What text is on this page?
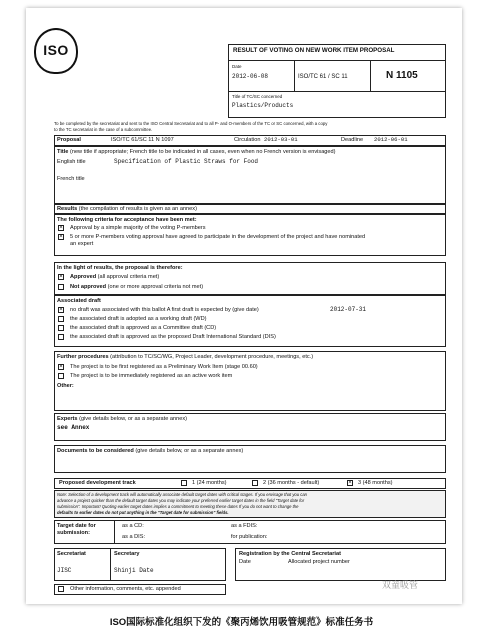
ISO	RESULT OF VOTING ON NEW WORK ITEM PROPOSAL
Date
2012-06-08	ISO/TC 61 / SC 11	N 1105
Title of TC/SC concerned
Plastics/Products
To be completed by the secretariat and sent to the ISO Central Secretariat and to all P- and O-members of the TC or SC concerned, with a copy
to the TC secretariat in the case of a subcommittee.
Proposal	ISO/TC 61/SC 11 N 1097	Circulation 2012-03-01	Deadline 2012-06-01
Title (new title if appropriate; French title to be indicated in all cases, even when no French version is envisaged)
English title	Specification of Plastic Straws for Food
French title
Results (the compilation of results is given as an annex)
The following criteria for acceptance have been met:
× Approval by a simple majority of the voting P-members
× 5 or more P-members voting approval have agreed to participate in the development of the project and have nominated
an expert
In the light of results, the proposal is therefore:
× Approved (all approval criteria met)
Not approved (one or more approval criteria not met)
Associated draft
× no draft was associated with this ballot A first draft is expected by (give date)	2012-07-31
the associated draft is adopted as a working draft (WD)
the associated draft is approved as a Committee draft (CD)
the associated draft is approved as the proposed Draft International Standard (DIS)
Further procedures (attribution to TC/SC/WG, Project Leader, development procedure, meetings, etc.)
× The project is to be first registered as a Preliminary Work Item (stage 00.60)
The project is to be immediately registered as an active work item
Other:
Experts (give details below, or as a separate annex)
see Annex
Documents to be considered (give details below, or as a separate annex)
Proposed development track	1 (24 months)	2 (36 months - default)	× 3 (48 months)
Note: Selection of a development track will automatically associate default target dates with critical stages. If you envisage that you can
advance a project quicker than the default target dates you may indicate your preferred earlier target dates in the field "Target date for
submission". Important! Quoting earlier target dates implies a commitment to meeting these dates If you do not want to change the
defaults to earlier dates do not put anything in the "Target date for submission" fields.
Target date for submission:
as a CD:
as a DIS:
as a FDIS:
for publication:
Secretariat	Secretary
JISC	Shinji Date
Registration by the Central Secretariat
Date	Allocated project number
Other information, comments, etc. appended	双童吸管
ISO国际标准化组织下发的《聚丙烯饮用吸管规范》标准任务书
